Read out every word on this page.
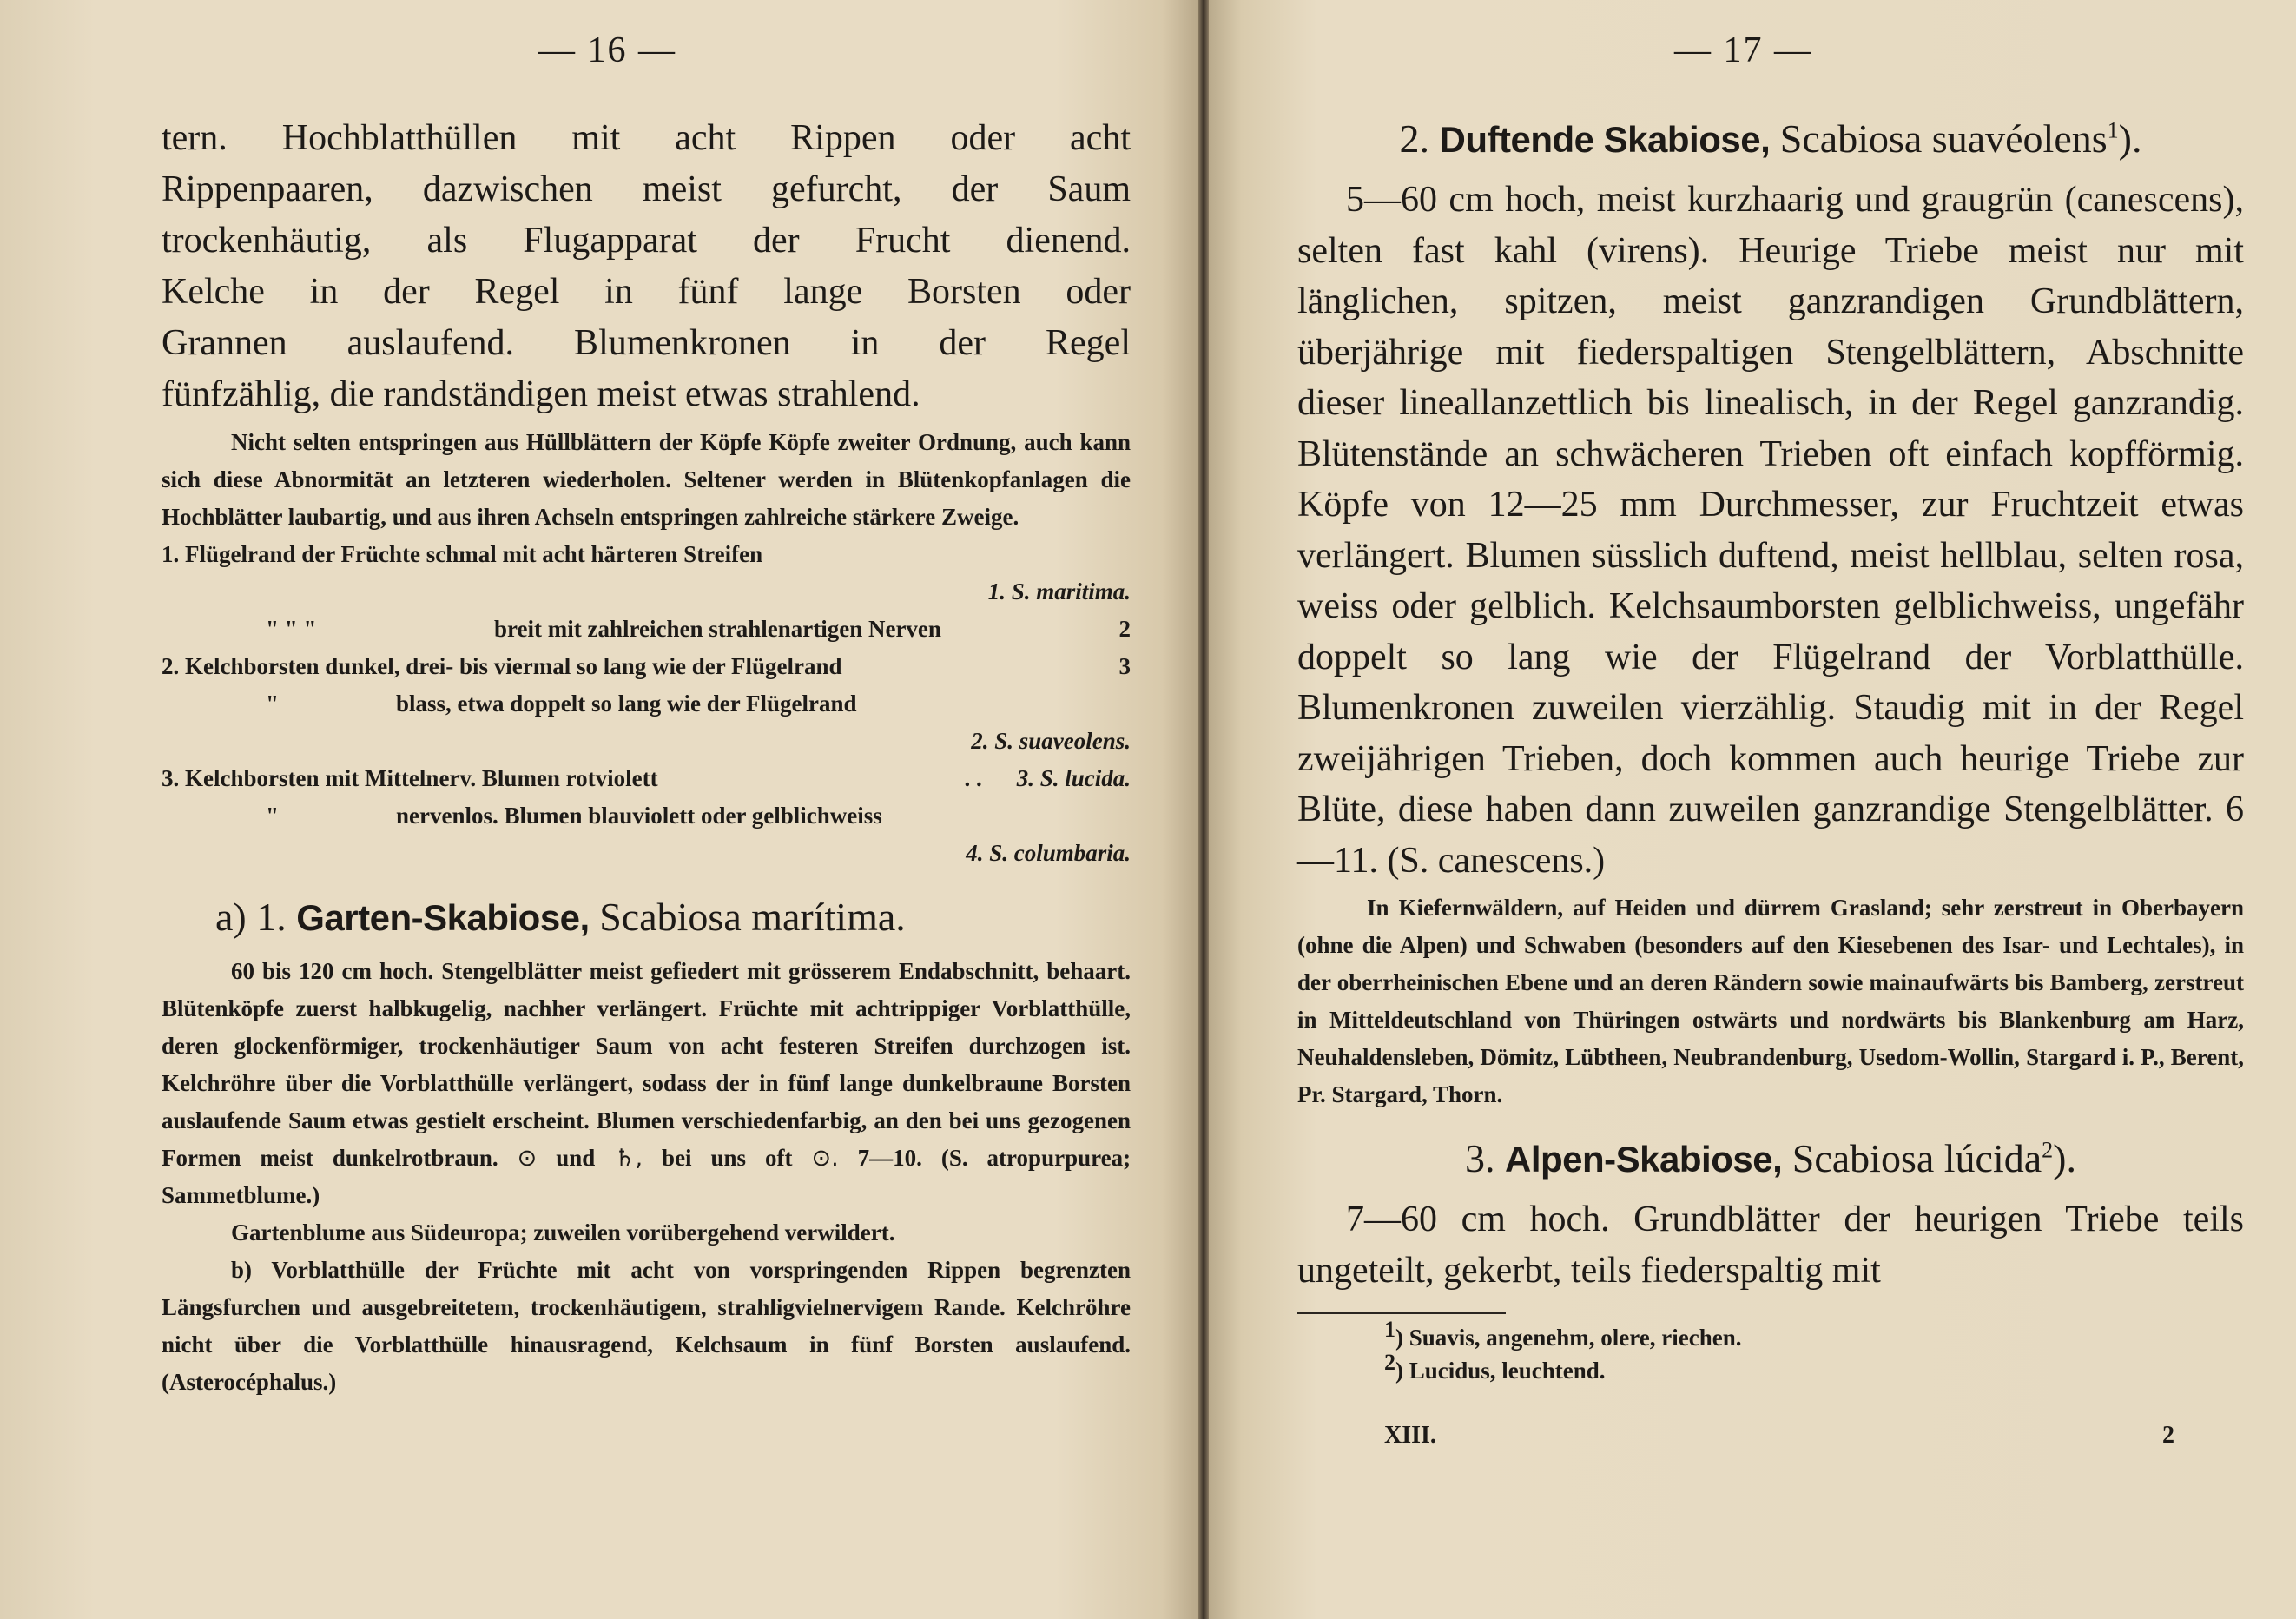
— 16 —

tern. Hochblatthüllen mit acht Rippen oder acht

Rippenpaaren, dazwischen meist gefurcht, der Saum

trockenhäutig, als Flugapparat der Frucht dienend.

Kelche in der Regel in fünf lange Borsten oder

Grannen auslaufend. Blumenkronen in der Regel

fünfzählig, die randständigen meist etwas strahlend.

Nicht selten entspringen aus Hüllblättern der Köpfe Köpfe zweiter Ordnung, auch kann sich diese Abnormität an letzteren wiederholen. Seltener werden in Blütenkopfanlagen die Hochblätter laubartig, und aus ihren Achseln entspringen zahlreiche stärkere Zweige.

1. Flügelrand der Früchte schmal mit acht härteren Streifen
1. S. maritima.
" " "	breit mit zahlreichen strahlenartigen Nerven	2
2. Kelchborsten dunkel, drei- bis viermal so lang wie der Flügelrand	3
"	blass, etwa doppelt so lang wie der Flügelrand
2. S. suaveolens.
3. Kelchborsten mit Mittelnerv. Blumen rotviolett	. .	3. S. lucida.
"	nervenlos. Blumen blauviolett oder gelblichweiss
4. S. columbaria.
a) 1. Garten-Skabiose, Scabiosa marítima.

60 bis 120 cm hoch. Stengelblätter meist gefiedert mit grösserem Endabschnitt, behaart. Blütenköpfe zuerst halbkugelig, nachher verlängert. Früchte mit achtrippiger Vorblatthülle, deren glockenförmiger, trockenhäutiger Saum von acht festeren Streifen durchzogen ist. Kelchröhre über die Vorblatthülle verlängert, sodass der in fünf lange dunkelbraune Borsten auslaufende Saum etwas gestielt erscheint. Blumen verschiedenfarbig, an den bei uns gezogenen Formen meist dunkelrotbraun. ⊙ und ♄, bei uns oft ⊙. 7—10. (S. atropurpurea; Sammetblume.)

Gartenblume aus Südeuropa; zuweilen vorübergehend verwildert.

b) Vorblatthülle der Früchte mit acht von vorspringenden Rippen begrenzten Längsfurchen und ausgebreitetem, trockenhäutigem, strahligvielnervigem Rande. Kelchröhre nicht über die Vorblatthülle hinausragend, Kelchsaum in fünf Borsten auslaufend. (Asterocéphalus.)

— 17 —
2. Duftende Skabiose, Scabiosa suavéolens$^1$).

5—60 cm hoch, meist kurzhaarig und graugrün (canescens), selten fast kahl (virens). Heurige Triebe meist nur mit länglichen, spitzen, meist ganzrandigen Grundblättern, überjährige mit fiederspaltigen Stengelblättern, Abschnitte dieser lineallanzettlich bis linealisch, in der Regel ganzrandig. Blütenstände an schwächeren Trieben oft einfach kopfförmig. Köpfe von 12—25 mm Durchmesser, zur Fruchtzeit etwas verlängert. Blumen süsslich duftend, meist hellblau, selten rosa, weiss oder gelblich. Kelchsaumborsten gelblichweiss, ungefähr doppelt so lang wie der Flügelrand der Vorblatthülle. Blumenkronen zuweilen vierzählig. Staudig mit in der Regel zweijährigen Trieben, doch kommen auch heurige Triebe zur Blüte, diese haben dann zuweilen ganzrandige Stengelblätter. 6—11. (S. canescens.)

In Kiefernwäldern, auf Heiden und dürrem Grasland; sehr zerstreut in Oberbayern (ohne die Alpen) und Schwaben (besonders auf den Kiesebenen des Isar- und Lechtales), in der oberrheinischen Ebene und an deren Rändern sowie mainaufwärts bis Bamberg, zerstreut in Mitteldeutschland von Thüringen ostwärts und nordwärts bis Blankenburg am Harz, Neuhaldensleben, Dömitz, Lübtheen, Neubrandenburg, Usedom-Wollin, Stargard i. P., Berent, Pr. Stargard, Thorn.

3. Alpen-Skabiose, Scabiosa lúcida$^2$).

7—60 cm hoch. Grundblätter der heurigen Triebe teils ungeteilt, gekerbt, teils fiederspaltig mit

1) Suavis, angenehm, olere, riechen.
2) Lucidus, leuchtend.
XIII.	2
